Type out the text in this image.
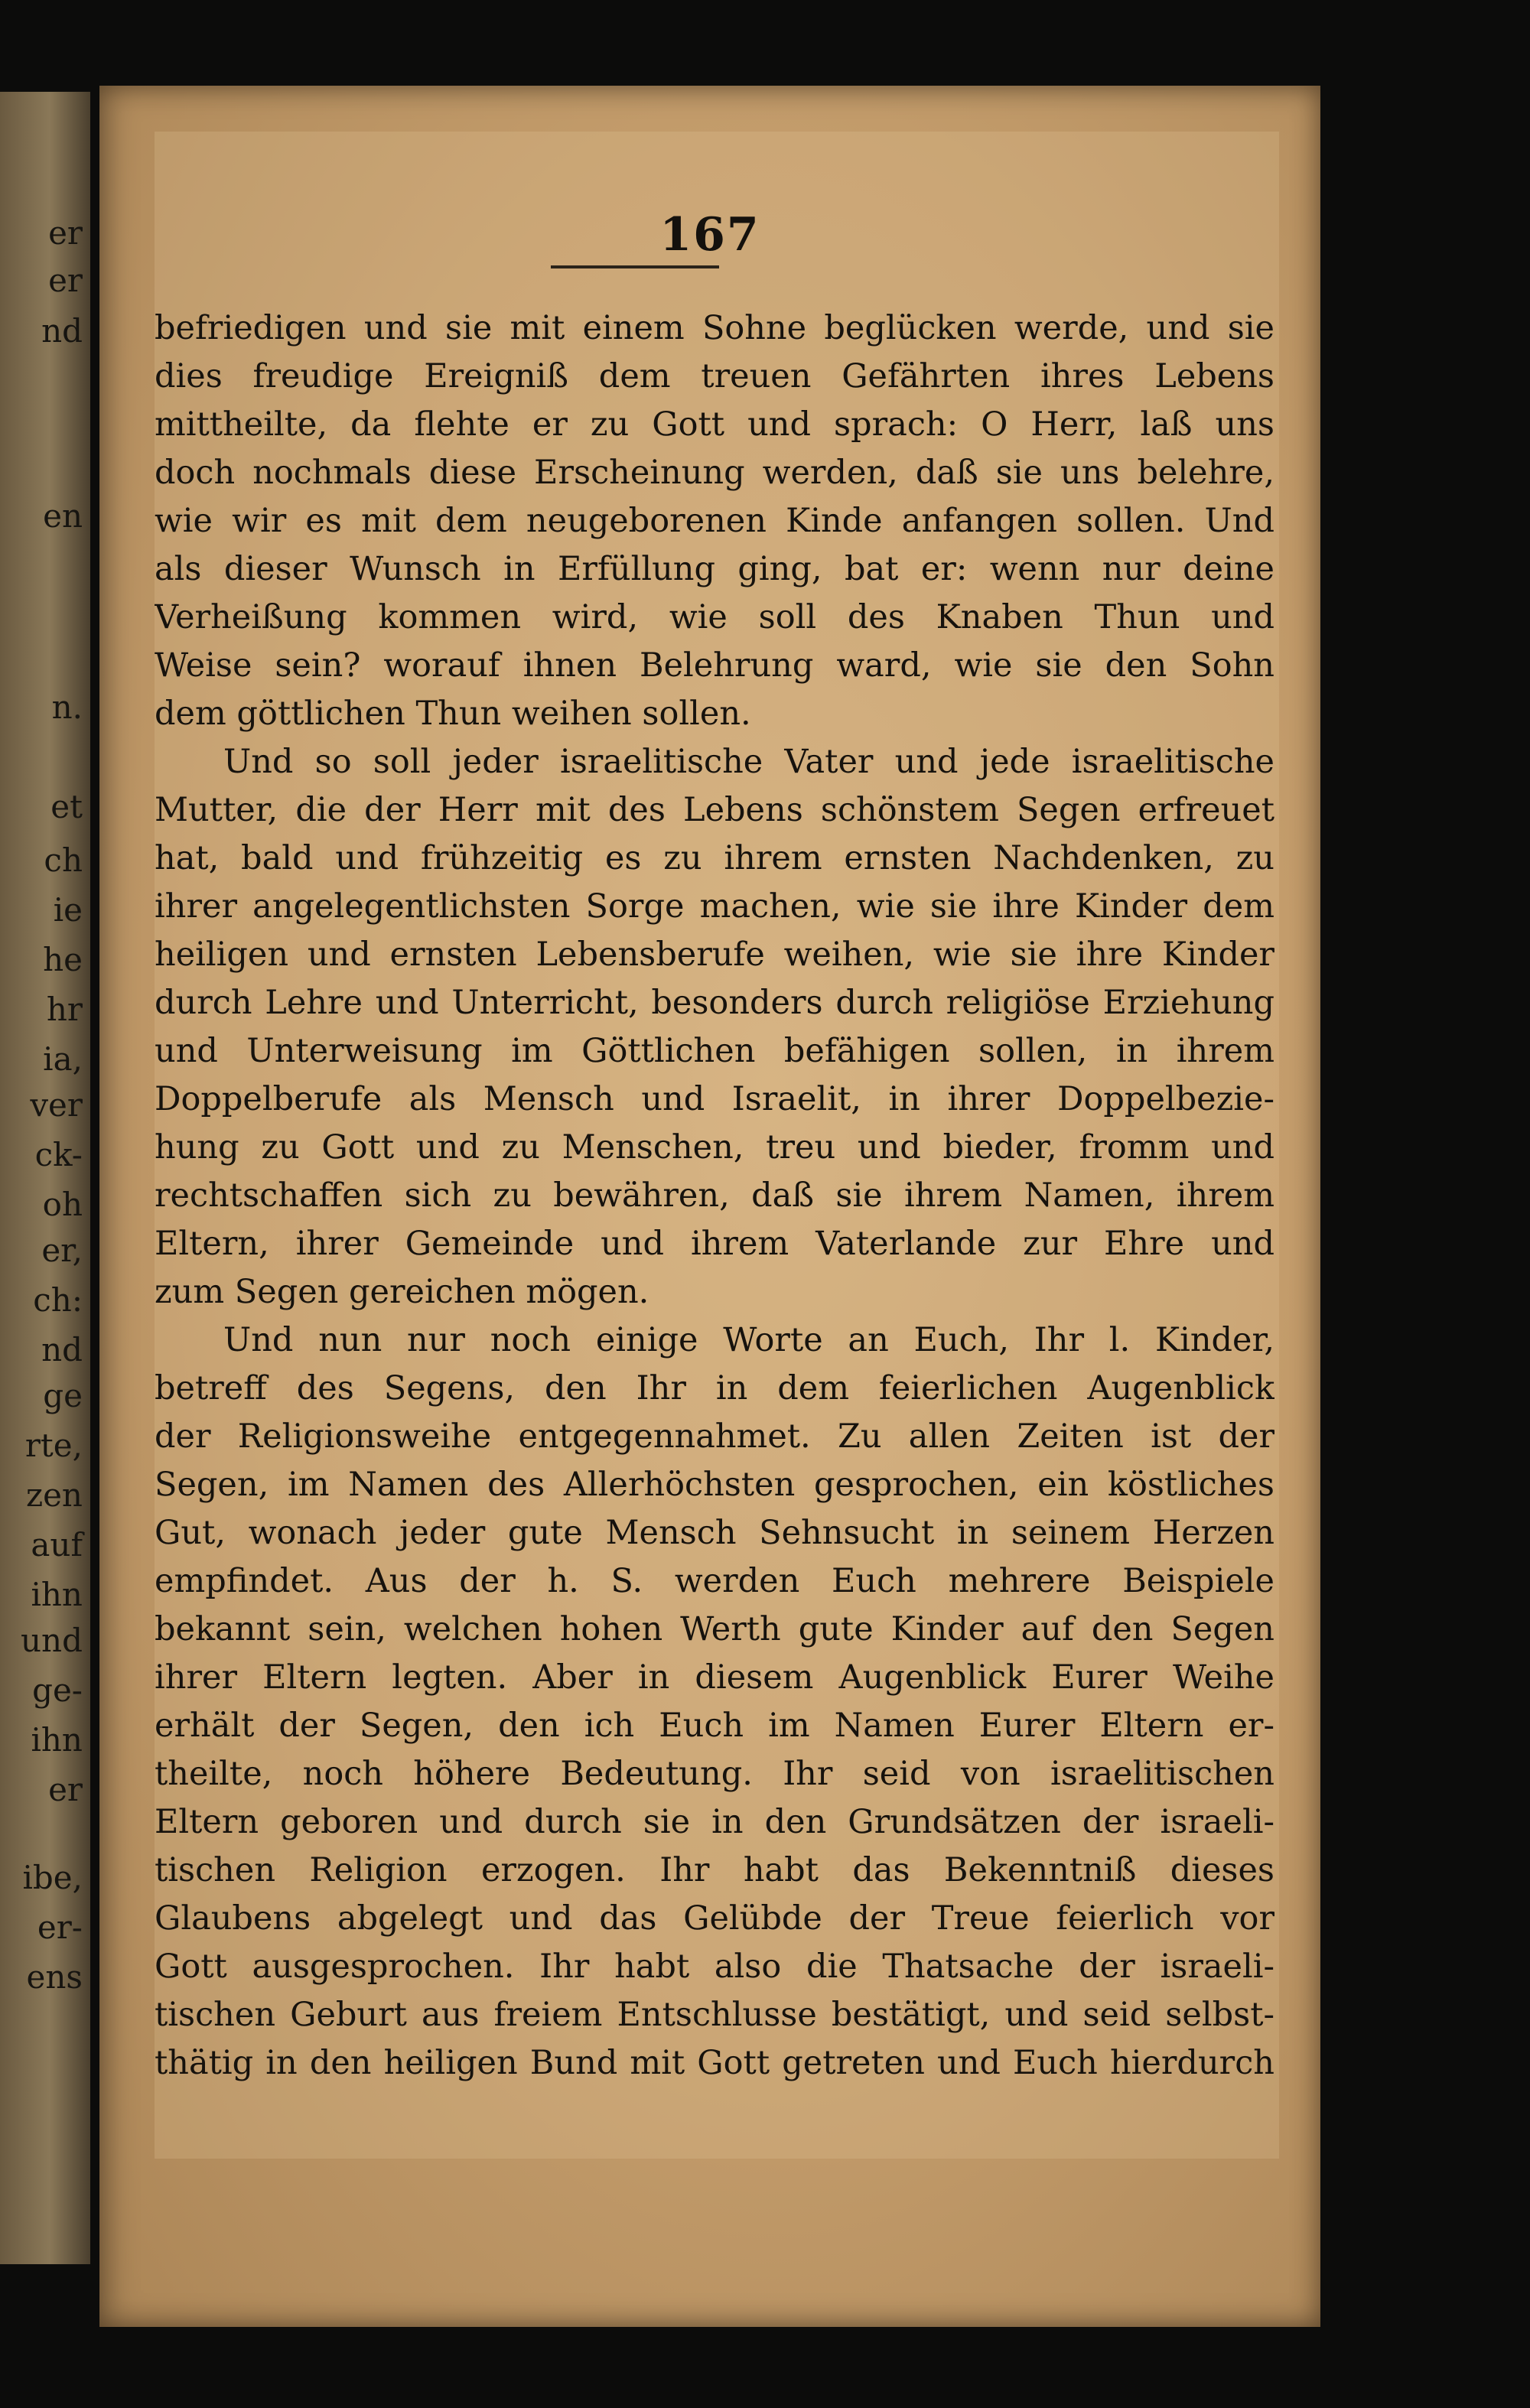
er
er
nd
en
n.
et
ch
ie
he
hr
ia,
ver
ck-
oh
er,
ch:
nd
ge
rte,
zen
auf
ihn
und
ge-
ihn
er
ibe,
er-
ens
167
befriedigen und sie mit einem Sohne beglücken werde, und sie
dies freudige Ereigniß dem treuen Gefährten ihres Lebens
mittheilte, da flehte er zu Gott und sprach: O Herr, laß uns
doch nochmals diese Erscheinung werden, daß sie uns belehre,
wie wir es mit dem neugeborenen Kinde anfangen sollen. Und
als dieser Wunsch in Erfüllung ging, bat er: wenn nur deine
Verheißung kommen wird, wie soll des Knaben Thun und
Weise sein? worauf ihnen Belehrung ward, wie sie den Sohn
dem göttlichen Thun weihen sollen.
Und so soll jeder israelitische Vater und jede israelitische
Mutter, die der Herr mit des Lebens schönstem Segen erfreuet
hat, bald und frühzeitig es zu ihrem ernsten Nachdenken, zu
ihrer angelegentlichsten Sorge machen, wie sie ihre Kinder dem
heiligen und ernsten Lebensberufe weihen, wie sie ihre Kinder
durch Lehre und Unterricht, besonders durch religiöse Erziehung
und Unterweisung im Göttlichen befähigen sollen, in ihrem
Doppelberufe als Mensch und Israelit, in ihrer Doppelbezie-
hung zu Gott und zu Menschen, treu und bieder, fromm und
rechtschaffen sich zu bewähren, daß sie ihrem Namen, ihrem
Eltern, ihrer Gemeinde und ihrem Vaterlande zur Ehre und
zum Segen gereichen mögen.
Und nun nur noch einige Worte an Euch, Ihr l. Kinder,
betreff des Segens, den Ihr in dem feierlichen Augenblick
der Religionsweihe entgegennahmet. Zu allen Zeiten ist der
Segen, im Namen des Allerhöchsten gesprochen, ein köstliches
Gut, wonach jeder gute Mensch Sehnsucht in seinem Herzen
empfindet. Aus der h. S. werden Euch mehrere Beispiele
bekannt sein, welchen hohen Werth gute Kinder auf den Segen
ihrer Eltern legten. Aber in diesem Augenblick Eurer Weihe
erhält der Segen, den ich Euch im Namen Eurer Eltern er-
theilte, noch höhere Bedeutung. Ihr seid von israelitischen
Eltern geboren und durch sie in den Grundsätzen der israeli-
tischen Religion erzogen. Ihr habt das Bekenntniß dieses
Glaubens abgelegt und das Gelübde der Treue feierlich vor
Gott ausgesprochen. Ihr habt also die Thatsache der israeli-
tischen Geburt aus freiem Entschlusse bestätigt, und seid selbst-
thätig in den heiligen Bund mit Gott getreten und Euch hierdurch
